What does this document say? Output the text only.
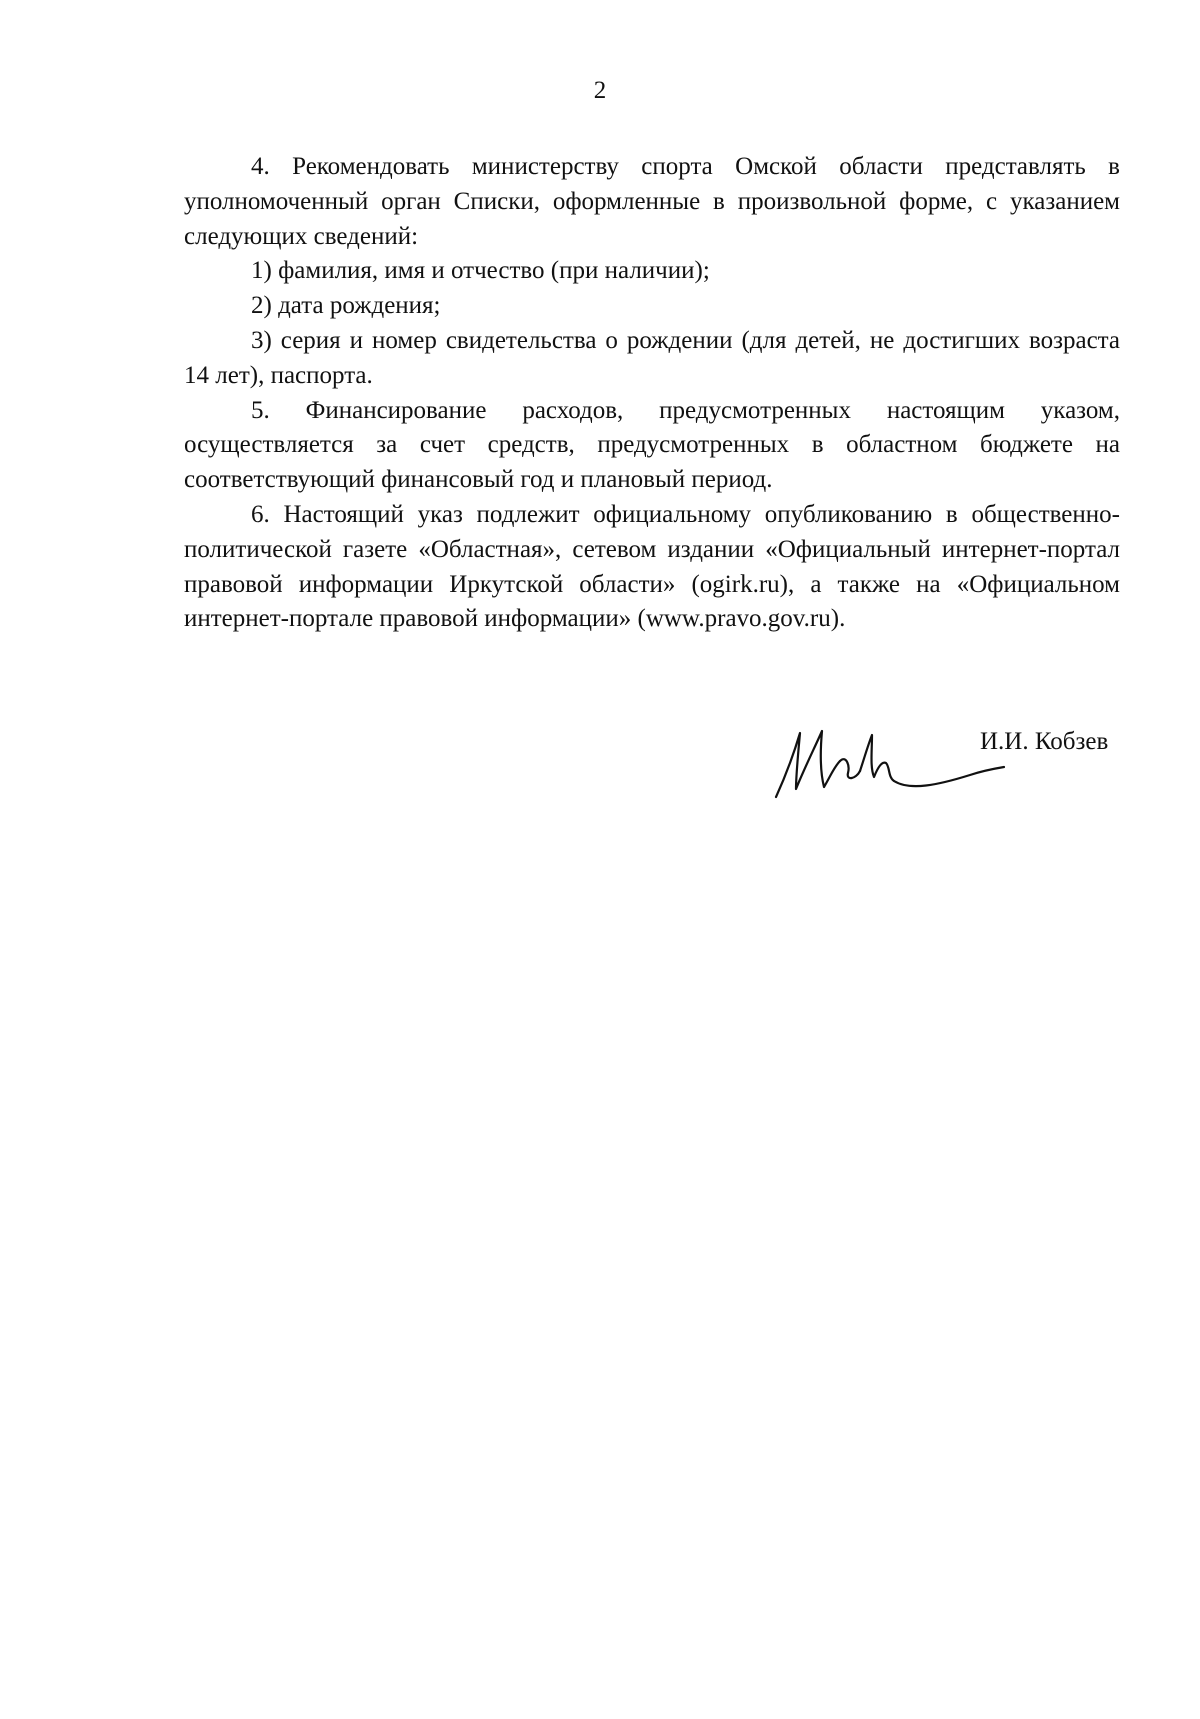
2

4. Рекомендовать министерству спорта Омской области представлять в уполномоченный орган Списки, оформленные в произвольной форме, с указанием следующих сведений:

1) фамилия, имя и отчество (при наличии);

2) дата рождения;

3) серия и номер свидетельства о рождении (для детей, не достигших возраста 14 лет), паспорта.

5. Финансирование расходов, предусмотренных настоящим указом, осуществляется за счет средств, предусмотренных в областном бюджете на соответствующий финансовый год и плановый период.

6. Настоящий указ подлежит официальному опубликованию в общественно-политической газете «Областная», сетевом издании «Официальный интернет-портал правовой информации Иркутской области» (ogirk.ru), а также на «Официальном интернет-портале правовой информации» (www.pravo.gov.ru).

И.И. Кобзев
